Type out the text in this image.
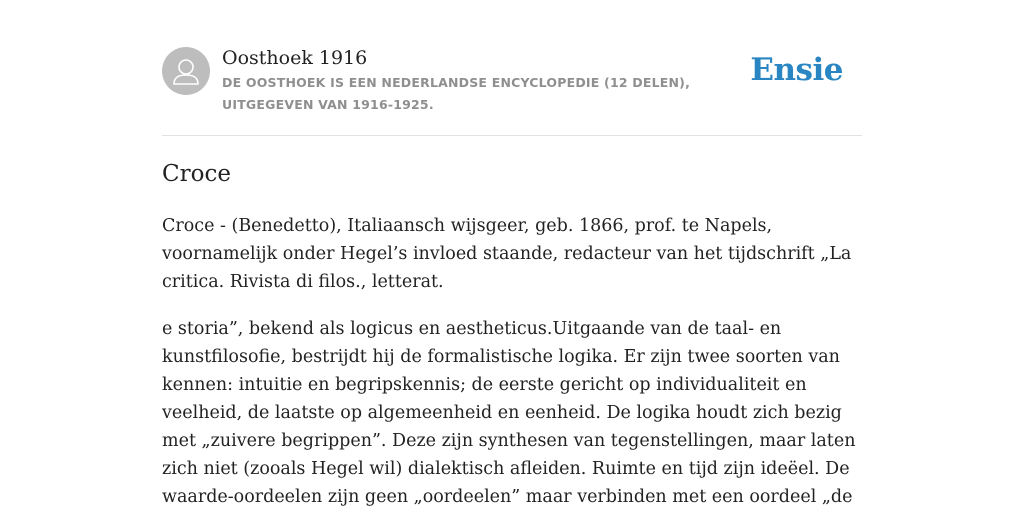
Oosthoek 1916
DE OOSTHOEK IS EEN NEDERLANDSE ENCYCLOPEDIE (12 DELEN), UITGEGEVEN VAN 1916-1925.
Ensie
Croce

Croce - (Benedetto), Italiaansch wijsgeer, geb. 1866, prof. te Napels, voornamelijk onder Hegel’s invloed staande, redacteur van het tijdschrift „La critica. Rivista di filos., letterat.

e storia”, bekend als logicus en aestheticus.Uitgaande van de taal- en kunstfilosofie, bestrijdt hij de formalistische logika. Er zijn twee soorten van kennen: intuitie en begripskennis; de eerste gericht op individualiteit en veelheid, de laatste op algemeenheid en eenheid. De logika houdt zich bezig met „zuivere begrippen”. Deze zijn synthesen van tegenstellingen, maar laten zich niet (zooals Hegel wil) dialektisch afleiden. Ruimte en tijd zijn ideëel. De waarde-oordeelen zijn geen „oordeelen” maar verbinden met een oordeel „de
